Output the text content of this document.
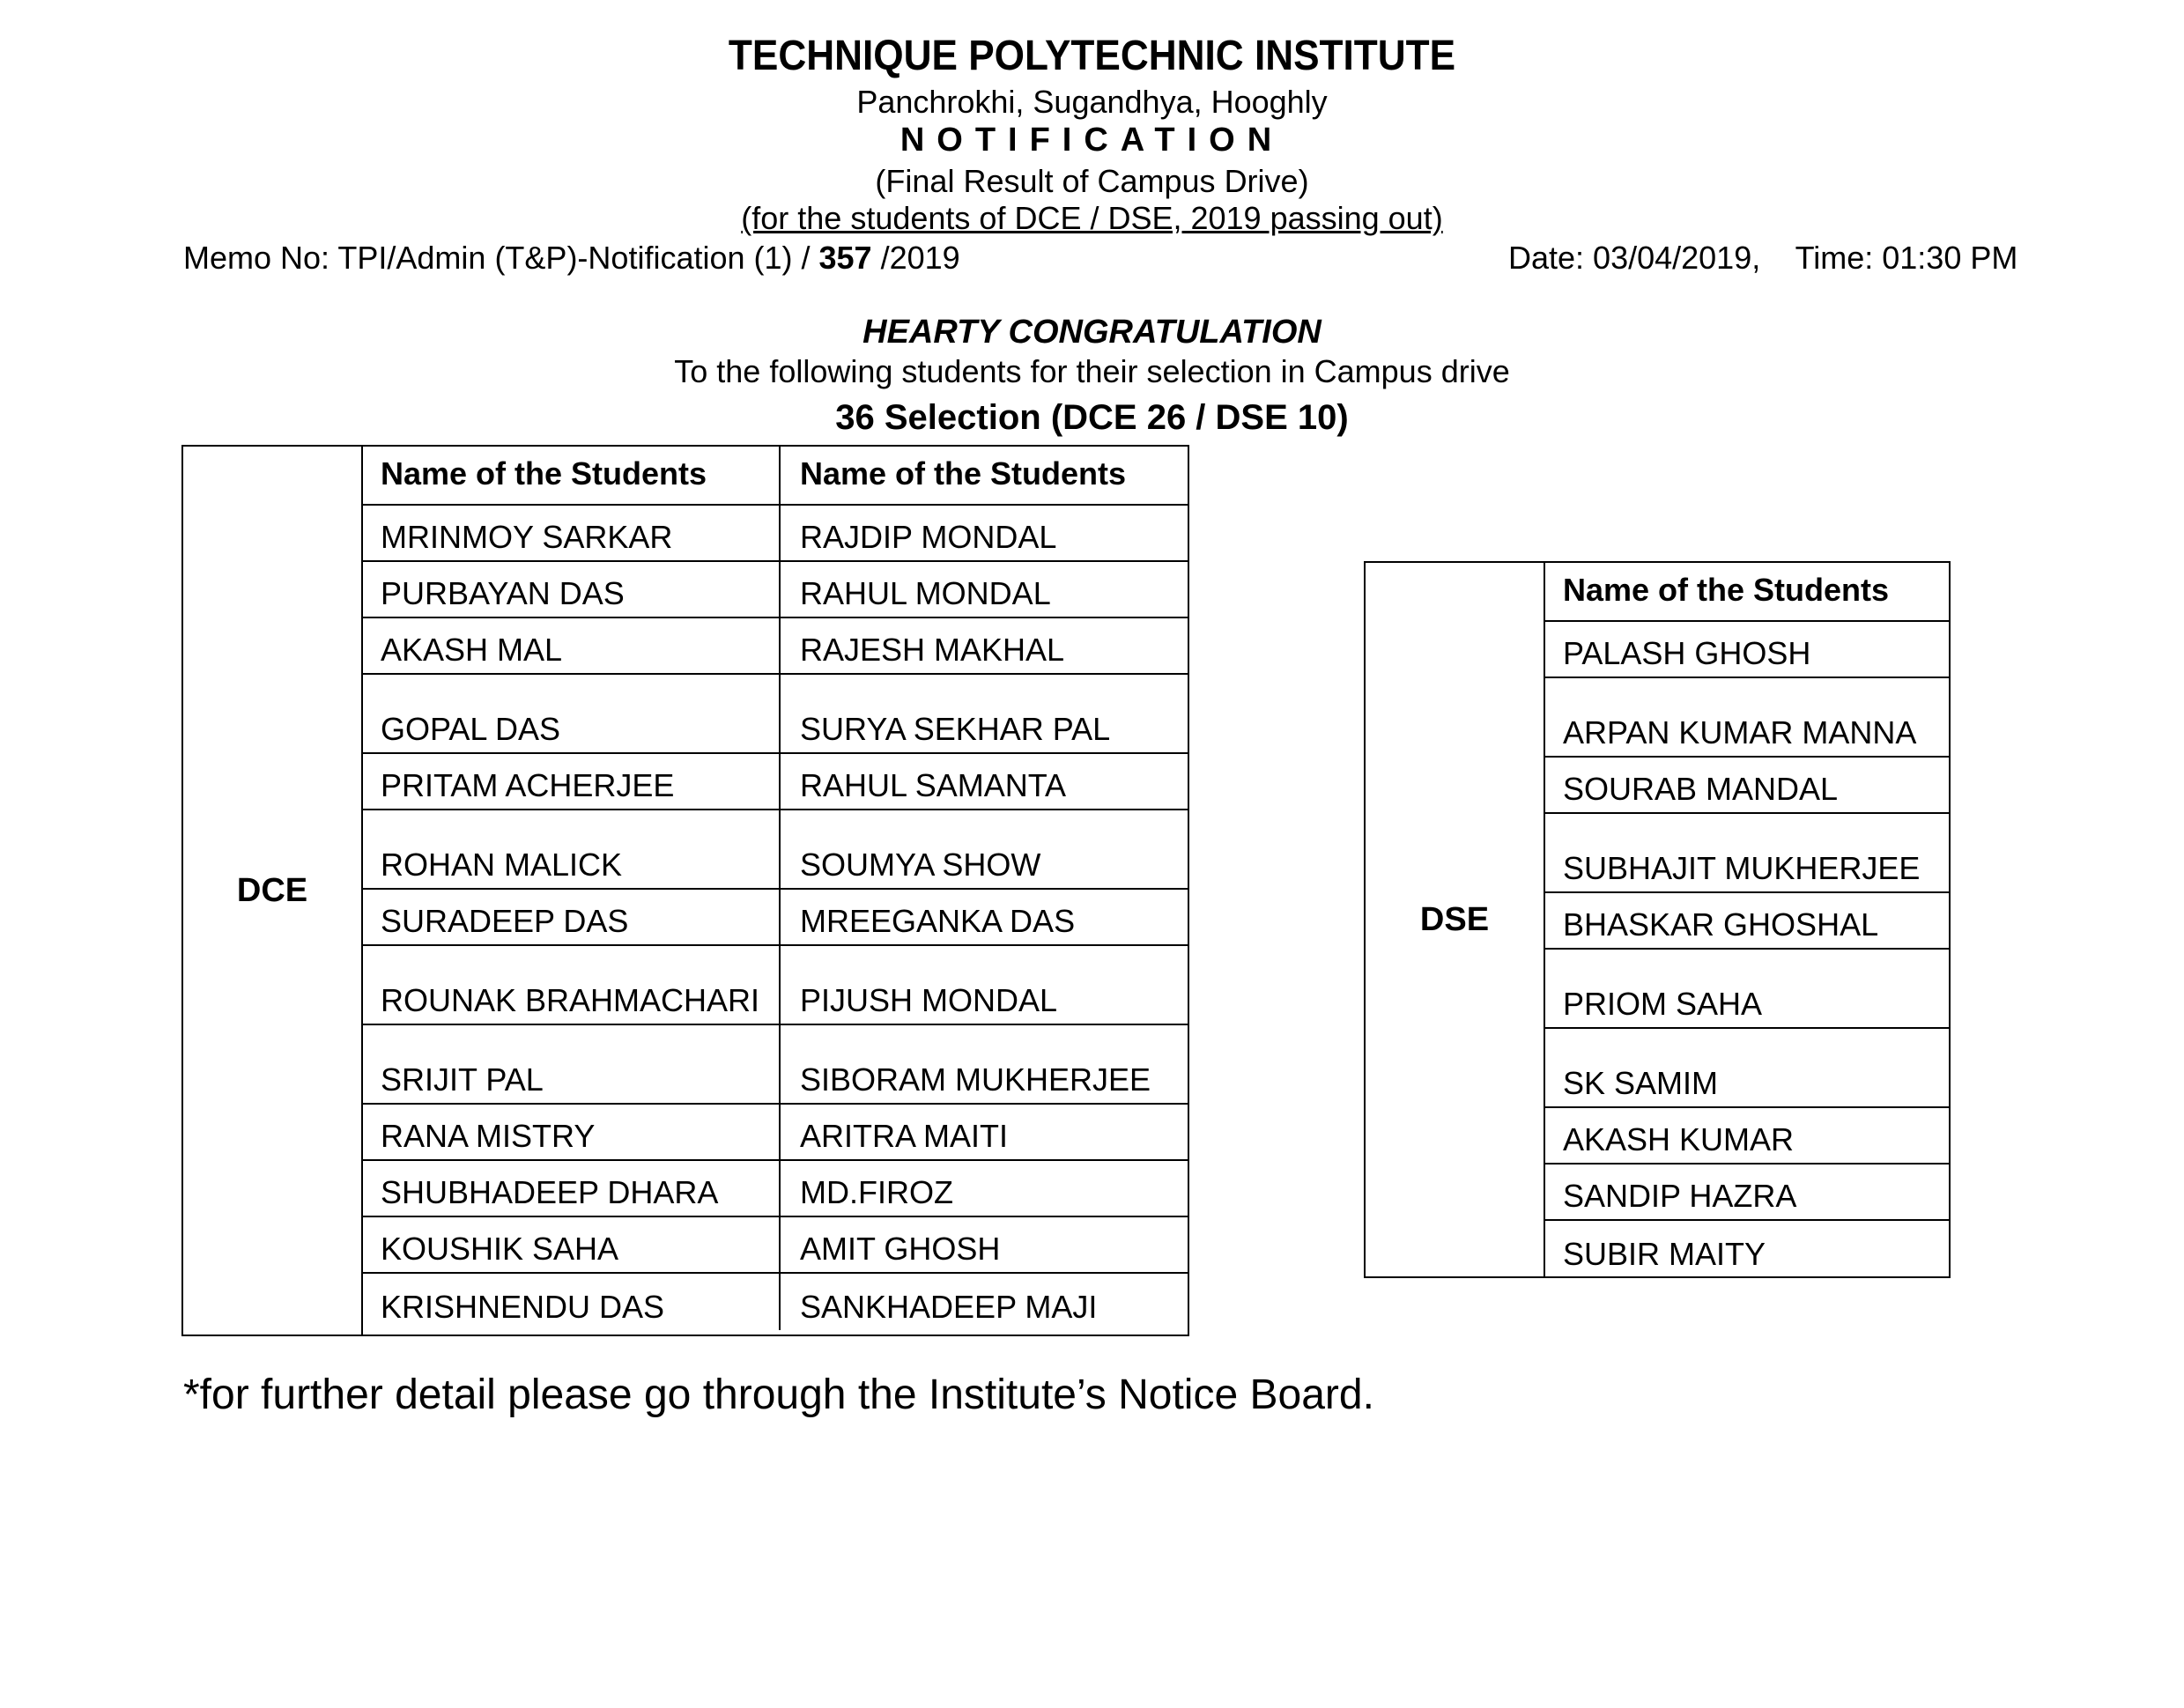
TECHNIQUE POLYTECHNIC INSTITUTE
Panchrokhi, Sugandhya, Hooghly
NOTIFICATION
(Final Result of Campus Drive)
(for the students of DCE / DSE, 2019 passing out)
Memo No: TPI/Admin (T&P)-Notification (1) / 357 /2019	Date: 03/04/2019,    Time: 01:30 PM
HEARTY CONGRATULATION
To the following students for their selection in Campus drive
36 Selection (DCE 26 / DSE 10)
DCE
Name of the Students	Name of the Students
MRINMOY SARKAR	RAJDIP MONDAL
PURBAYAN DAS	RAHUL MONDAL
AKASH MAL	RAJESH MAKHAL
GOPAL DAS	SURYA SEKHAR PAL
PRITAM ACHERJEE	RAHUL SAMANTA
ROHAN MALICK	SOUMYA SHOW
SURADEEP DAS	MREEGANKA DAS
ROUNAK BRAHMACHARI	PIJUSH MONDAL
SRIJIT PAL	SIBORAM MUKHERJEE
RANA MISTRY	ARITRA MAITI
SHUBHADEEP DHARA	MD.FIROZ
KOUSHIK SAHA	AMIT GHOSH
KRISHNENDU DAS	SANKHADEEP MAJI
DSE
Name of the Students
PALASH GHOSH
ARPAN KUMAR MANNA
SOURAB MANDAL
SUBHAJIT MUKHERJEE
BHASKAR GHOSHAL
PRIOM SAHA
SK SAMIM
AKASH KUMAR
SANDIP HAZRA
SUBIR MAITY
*for further detail please go through the Institute’s Notice Board.
